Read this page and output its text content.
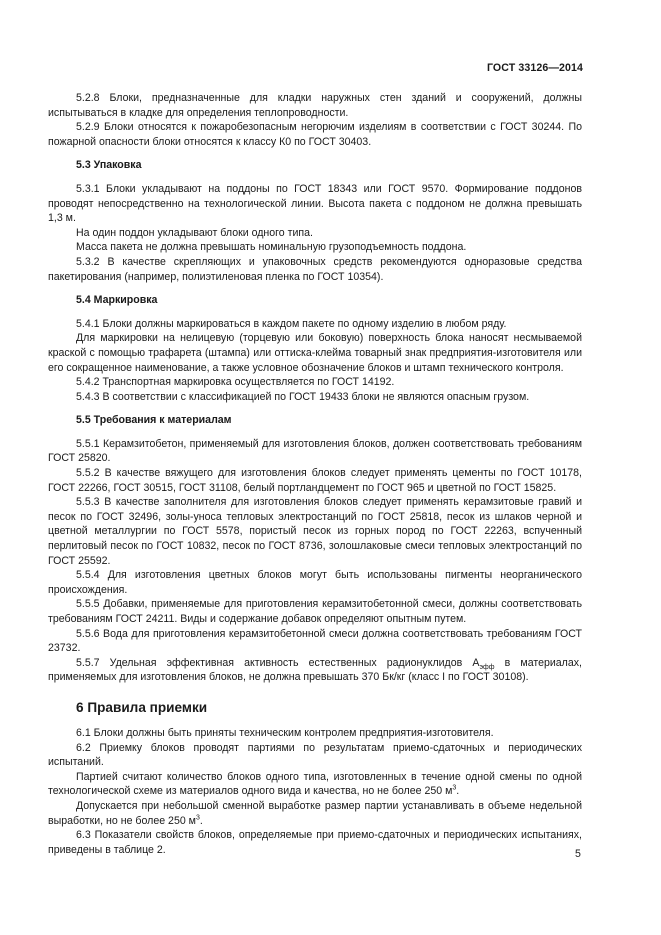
ГОСТ 33126—2014

5.2.8 Блоки, предназначенные для кладки наружных стен зданий и сооружений, должны испытываться в кладке для определения теплопроводности.

5.2.9 Блоки относятся к пожаробезопасным негорючим изделиям в соответствии с ГОСТ 30244. По пожарной опасности блоки относятся к классу К0 по ГОСТ 30403.

5.3 Упаковка

5.3.1 Блоки укладывают на поддоны по ГОСТ 18343 или ГОСТ 9570. Формирование поддонов проводят непосредственно на технологической линии. Высота пакета с поддоном не должна превышать 1,3 м.

На один поддон укладывают блоки одного типа.

Масса пакета не должна превышать номинальную грузоподъемность поддона.

5.3.2 В качестве скрепляющих и упаковочных средств рекомендуются одноразовые средства пакетирования (например, полиэтиленовая пленка по ГОСТ 10354).

5.4 Маркировка

5.4.1 Блоки должны маркироваться в каждом пакете по одному изделию в любом ряду.

Для маркировки на нелицевую (торцевую или боковую) поверхность блока наносят несмываемой краской с помощью трафарета (штампа) или оттиска-клейма товарный знак предприятия-изготовителя или его сокращенное наименование, а также условное обозначение блоков и штамп технического контроля.

5.4.2 Транспортная маркировка осуществляется по ГОСТ 14192.

5.4.3 В соответствии с классификацией по ГОСТ 19433 блоки не являются опасным грузом.

5.5 Требования к материалам

5.5.1 Керамзитобетон, применяемый для изготовления блоков, должен соответствовать требованиям ГОСТ 25820.

5.5.2 В качестве вяжущего для изготовления блоков следует применять цементы по ГОСТ 10178, ГОСТ 22266, ГОСТ 30515, ГОСТ 31108, белый портландцемент по ГОСТ 965 и цветной по ГОСТ 15825.

5.5.3 В качестве заполнителя для изготовления блоков следует применять керамзитовые гравий и песок по ГОСТ 32496, золы-уноса тепловых электростанций по ГОСТ 25818, песок из шлаков черной и цветной металлургии по ГОСТ 5578, пористый песок из горных пород по ГОСТ 22263, вспученный перлитовый песок по ГОСТ 10832, песок по ГОСТ 8736, золошлаковые смеси тепловых электростанций по ГОСТ 25592.

5.5.4 Для изготовления цветных блоков могут быть использованы пигменты неорганического происхождения.

5.5.5 Добавки, применяемые для приготовления керамзитобетонной смеси, должны соответствовать требованиям ГОСТ 24211. Виды и содержание добавок определяют опытным путем.

5.5.6 Вода для приготовления керамзитобетонной смеси должна соответствовать требованиям ГОСТ 23732.

5.5.7 Удельная эффективная активность естественных радионуклидов $А_{эфф}$ в материалах, применяемых для изготовления блоков, не должна превышать 370 Бк/кг (класс I по ГОСТ 30108).

6 Правила приемки

6.1 Блоки должны быть приняты техническим контролем предприятия-изготовителя.

6.2 Приемку блоков проводят партиями по результатам приемо-сдаточных и периодических испытаний.

Партией считают количество блоков одного типа, изготовленных в течение одной смены по одной технологической схеме из материалов одного вида и качества, но не более 250 $м^3$.

Допускается при небольшой сменной выработке размер партии устанавливать в объеме недельной выработки, но не более 250 $м^3$.

6.3 Показатели свойств блоков, определяемые при приемо-сдаточных и периодических испытаниях, приведены в таблице 2.	5
